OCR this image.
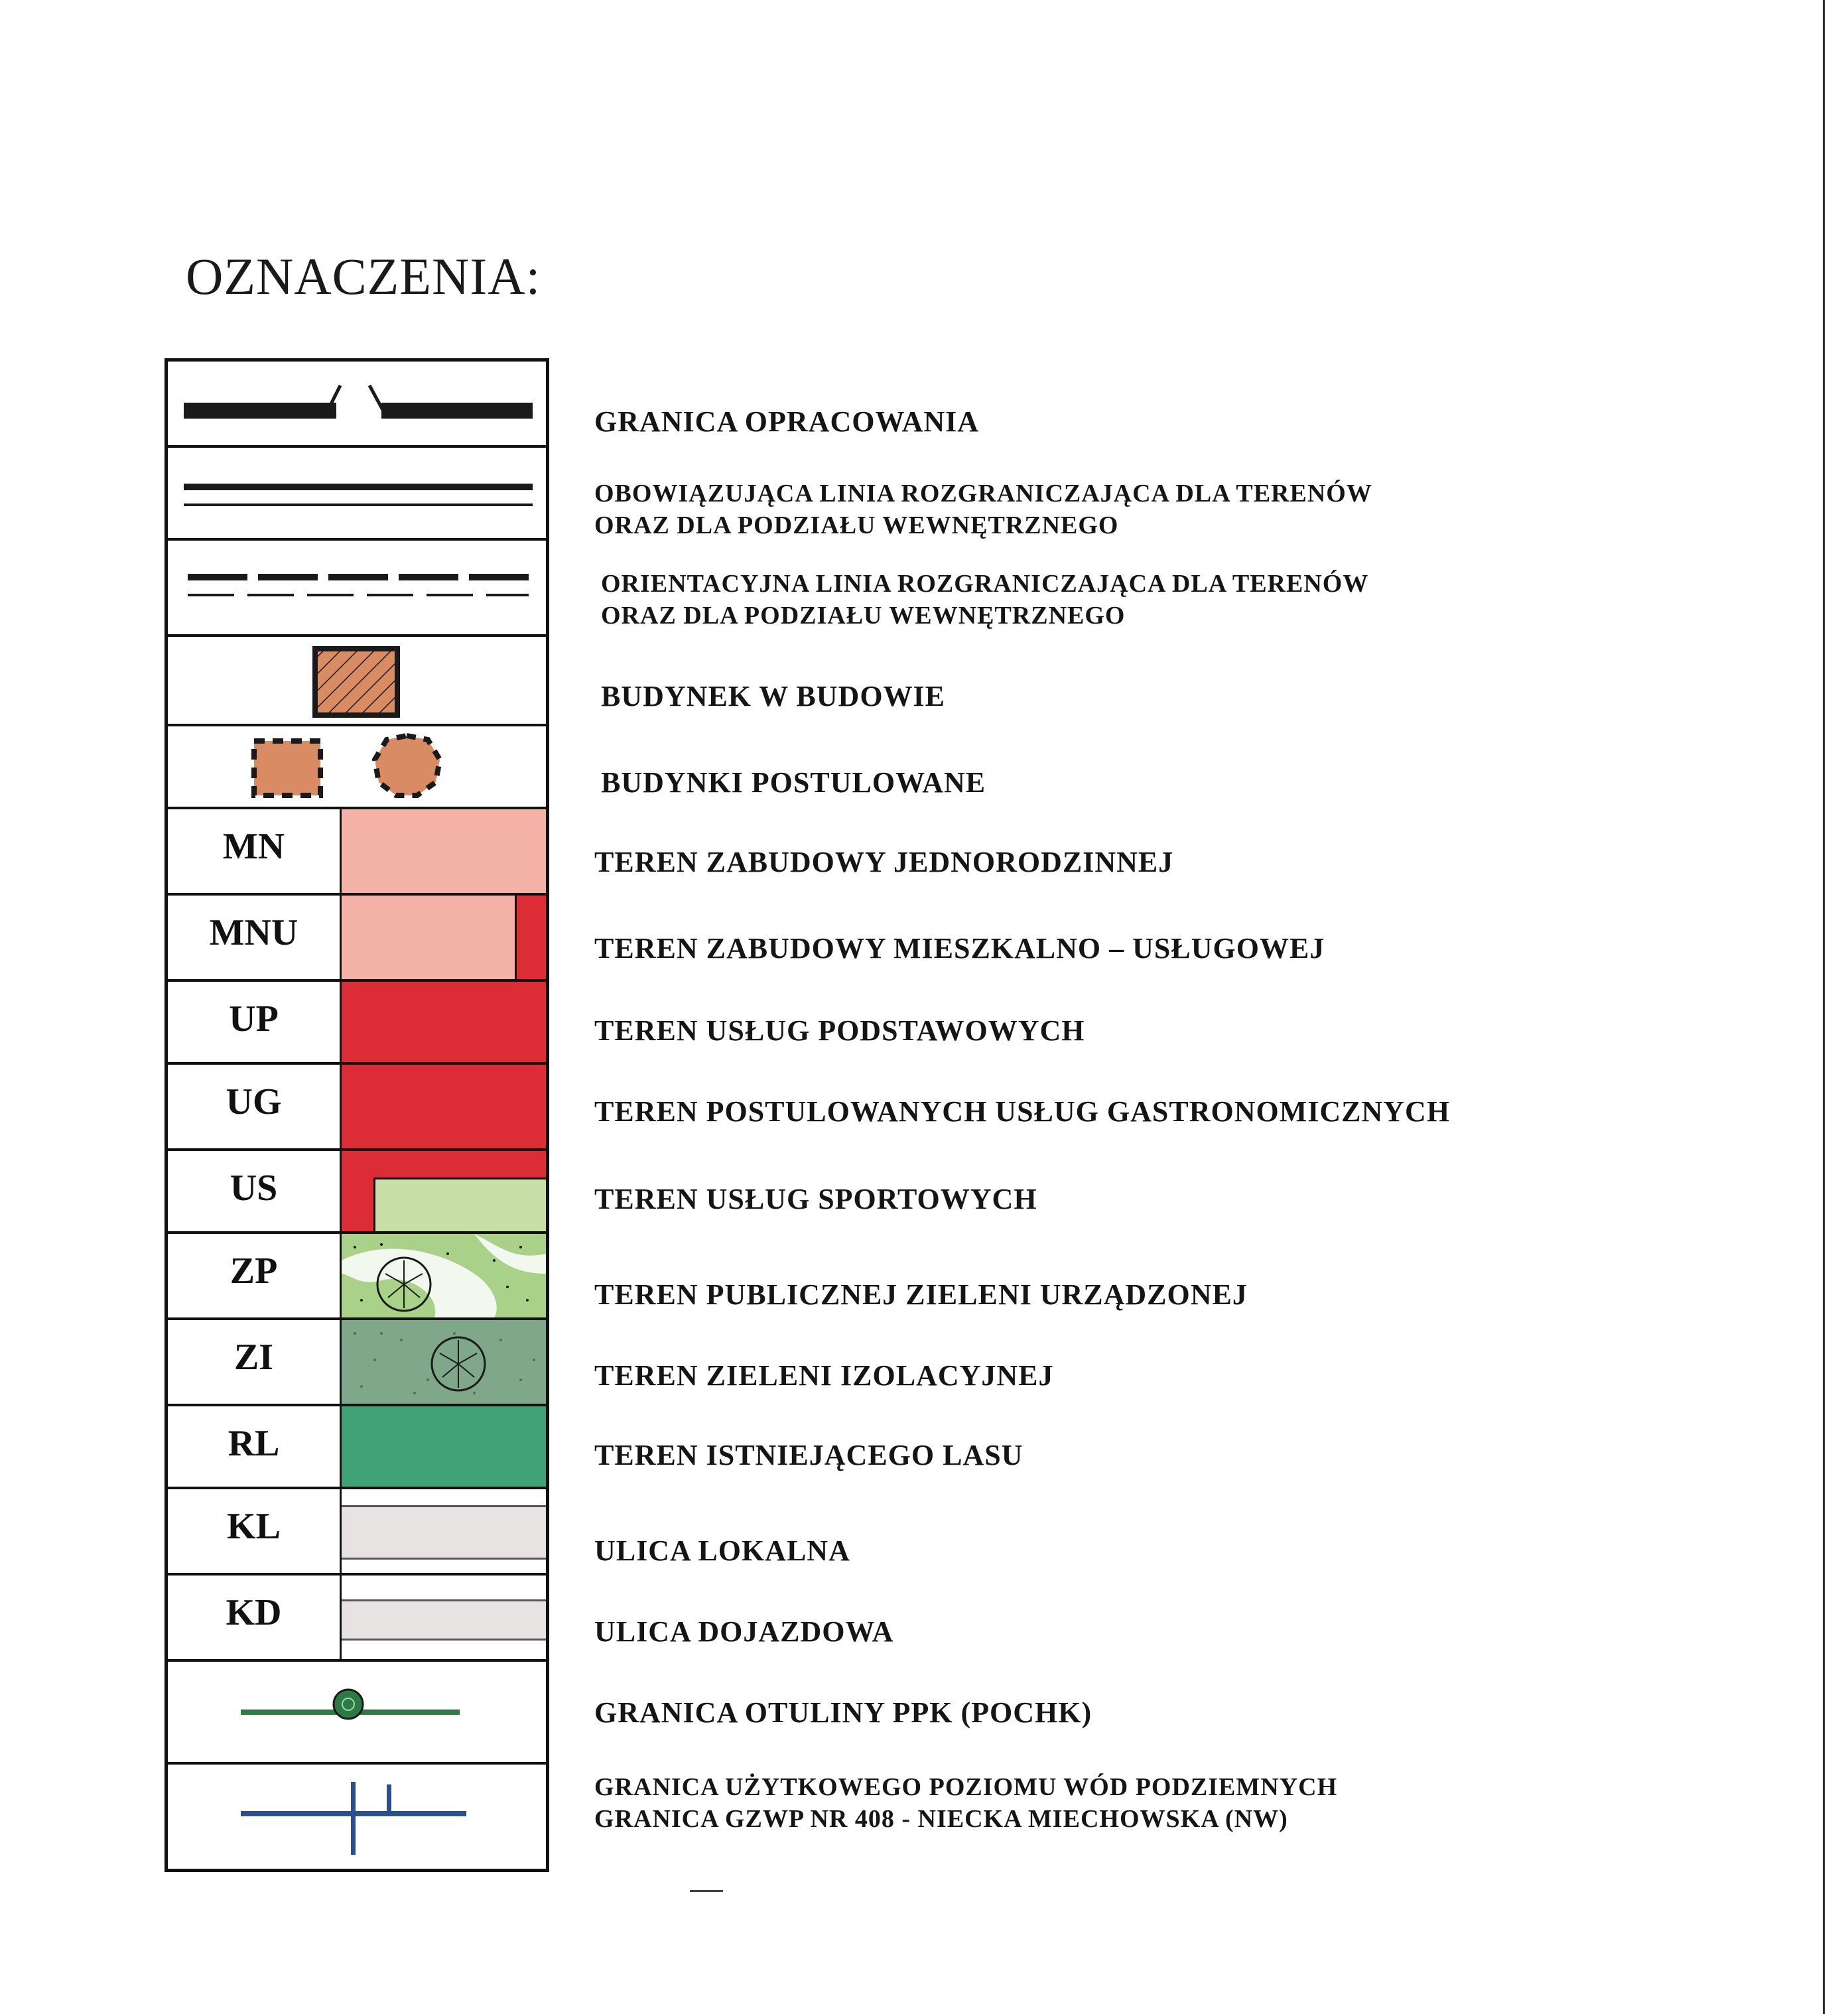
OZNACZENIA:
MN
MNU
UP
UG
US
ZP
ZI
RL
KL
KD
GRANICA OPRACOWANIA
OBOWIĄZUJĄCA LINIA ROZGRANICZAJĄCA DLA TERENÓW
ORAZ DLA PODZIAŁU WEWNĘTRZNEGO
ORIENTACYJNA LINIA ROZGRANICZAJĄCA DLA TERENÓW
ORAZ DLA PODZIAŁU WEWNĘTRZNEGO
BUDYNEK W BUDOWIE
BUDYNKI POSTULOWANE
TEREN ZABUDOWY JEDNORODZINNEJ
TEREN ZABUDOWY MIESZKALNO – USŁUGOWEJ
TEREN USŁUG PODSTAWOWYCH
TEREN POSTULOWANYCH USŁUG GASTRONOMICZNYCH
TEREN USŁUG SPORTOWYCH
TEREN PUBLICZNEJ ZIELENI URZĄDZONEJ
TEREN ZIELENI IZOLACYJNEJ
TEREN ISTNIEJĄCEGO LASU
ULICA LOKALNA
ULICA DOJAZDOWA
GRANICA OTULINY PPK (POCHK)
GRANICA UŻYTKOWEGO POZIOMU WÓD PODZIEMNYCH
GRANICA GZWP NR 408 - NIECKA MIECHOWSKA (NW)
